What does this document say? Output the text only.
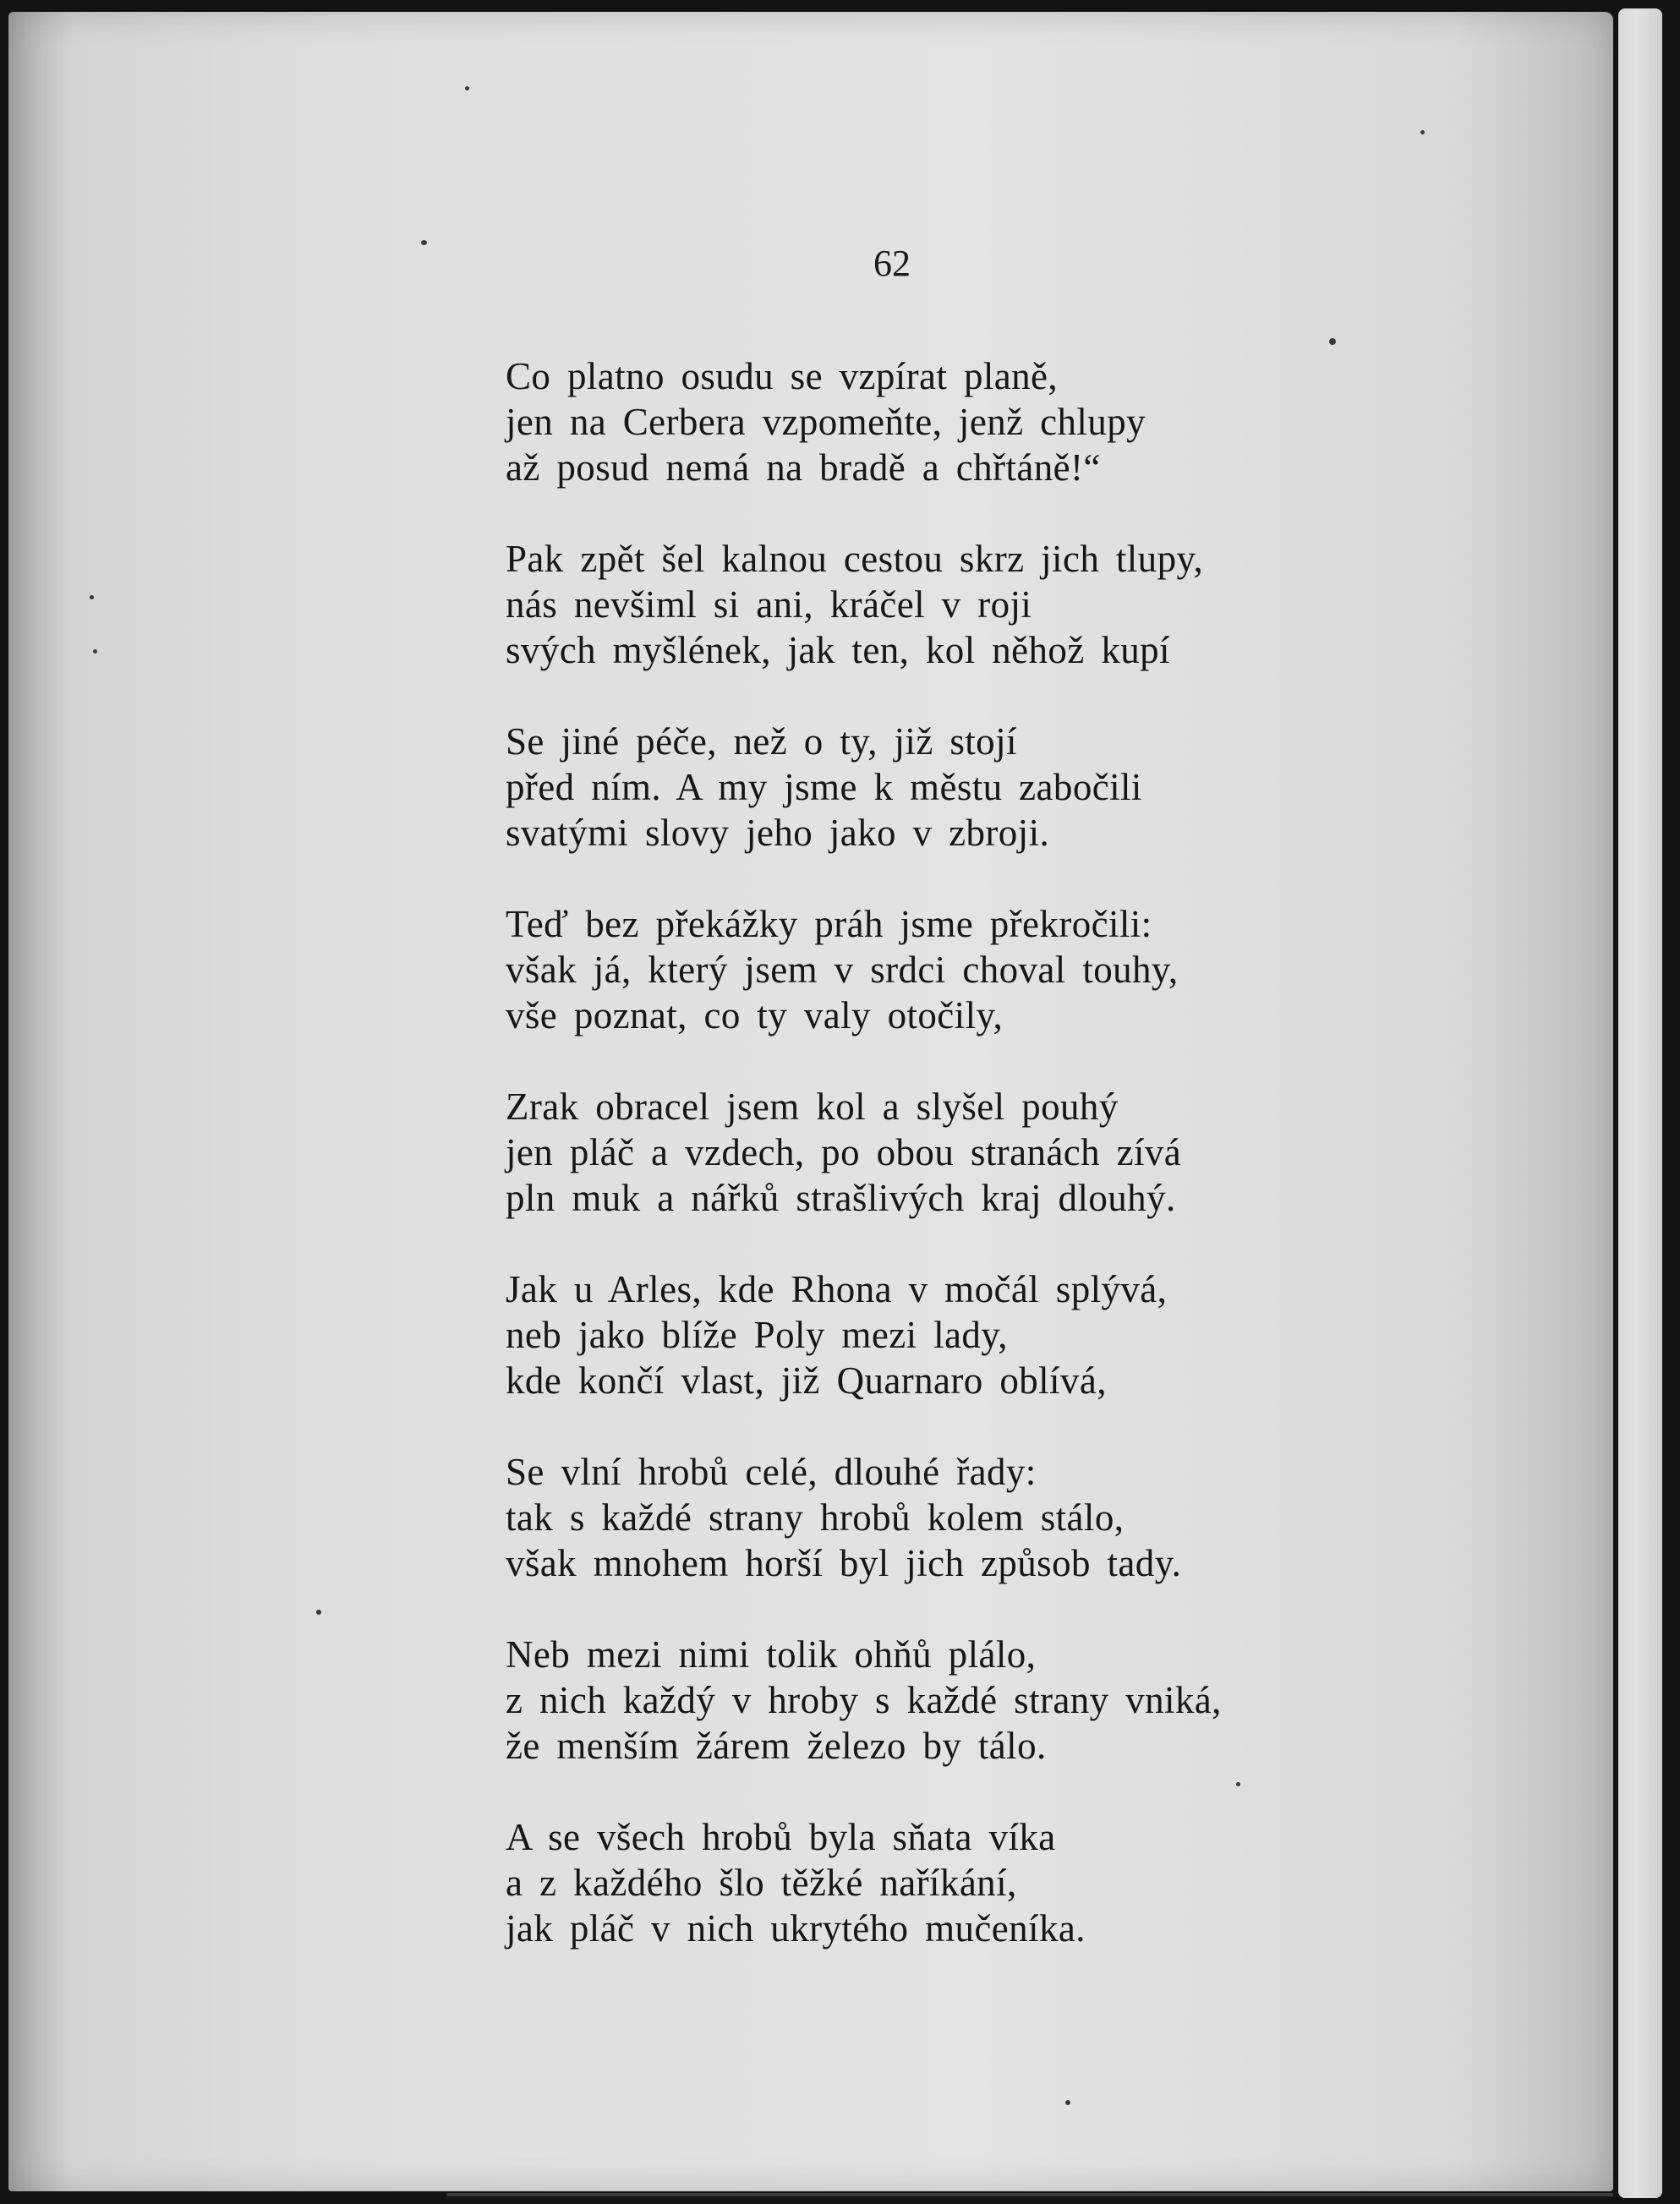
62
Co platno osudu se vzpírat planě,
jen na Cerbera vzpomeňte, jenž chlupy
až posud nemá na bradě a chřtáně!“
Pak zpět šel kalnou cestou skrz jich tlupy,
nás nevšiml si ani, kráčel v roji
svých myšlének, jak ten, kol něhož kupí
Se jiné péče, než o ty, již stojí
před ním. A my jsme k městu zabočili
svatými slovy jeho jako v zbroji.
Teď bez překážky práh jsme překročili:
však já, který jsem v srdci choval touhy,
vše poznat, co ty valy otočily,
Zrak obracel jsem kol a slyšel pouhý
jen pláč a vzdech, po obou stranách zívá
pln muk a nářků strašlivých kraj dlouhý.
Jak u Arles, kde Rhona v močál splývá,
neb jako blíže Poly mezi lady,
kde končí vlast, již Quarnaro oblívá,
Se vlní hrobů celé, dlouhé řady:
tak s každé strany hrobů kolem stálo,
však mnohem horší byl jich způsob tady.
Neb mezi nimi tolik ohňů plálo,
z nich každý v hroby s každé strany vniká,
že menším žárem železo by tálo.
A se všech hrobů byla sňata víka
a z každého šlo těžké naříkání,
jak pláč v nich ukrytého mučeníka.
